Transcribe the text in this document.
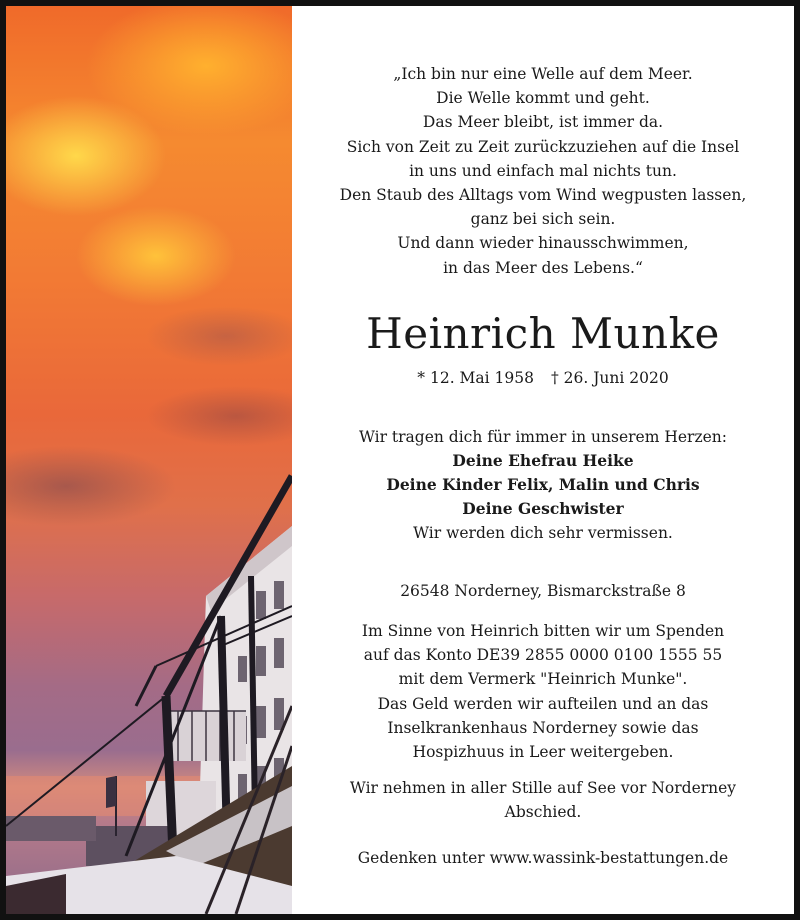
„Ich bin nur eine Welle auf dem Meer.
Die Welle kommt und geht.
Das Meer bleibt, ist immer da.
Sich von Zeit zu Zeit zurückzuziehen auf die Insel
in uns und einfach mal nichts tun.
Den Staub des Alltags vom Wind wegpusten lassen,
ganz bei sich sein.
Und dann wieder hinausschwimmen,
in das Meer des Lebens.“
Heinrich Munke
* 12. Mai 1958 † 26. Juni 2020
Wir tragen dich für immer in unserem Herzen:
Deine Ehefrau Heike
Deine Kinder Felix, Malin und Chris
Deine Geschwister
Wir werden dich sehr vermissen.
26548 Norderney, Bismarckstraße 8
Im Sinne von Heinrich bitten wir um Spenden
auf das Konto DE39 2855 0000 0100 1555 55
mit dem Vermerk "Heinrich Munke".
Das Geld werden wir aufteilen und an das
Inselkrankenhaus Norderney sowie das
Hospizhuus in Leer weitergeben.
Wir nehmen in aller Stille auf See vor Norderney
Abschied.
Gedenken unter www.wassink-bestattungen.de
